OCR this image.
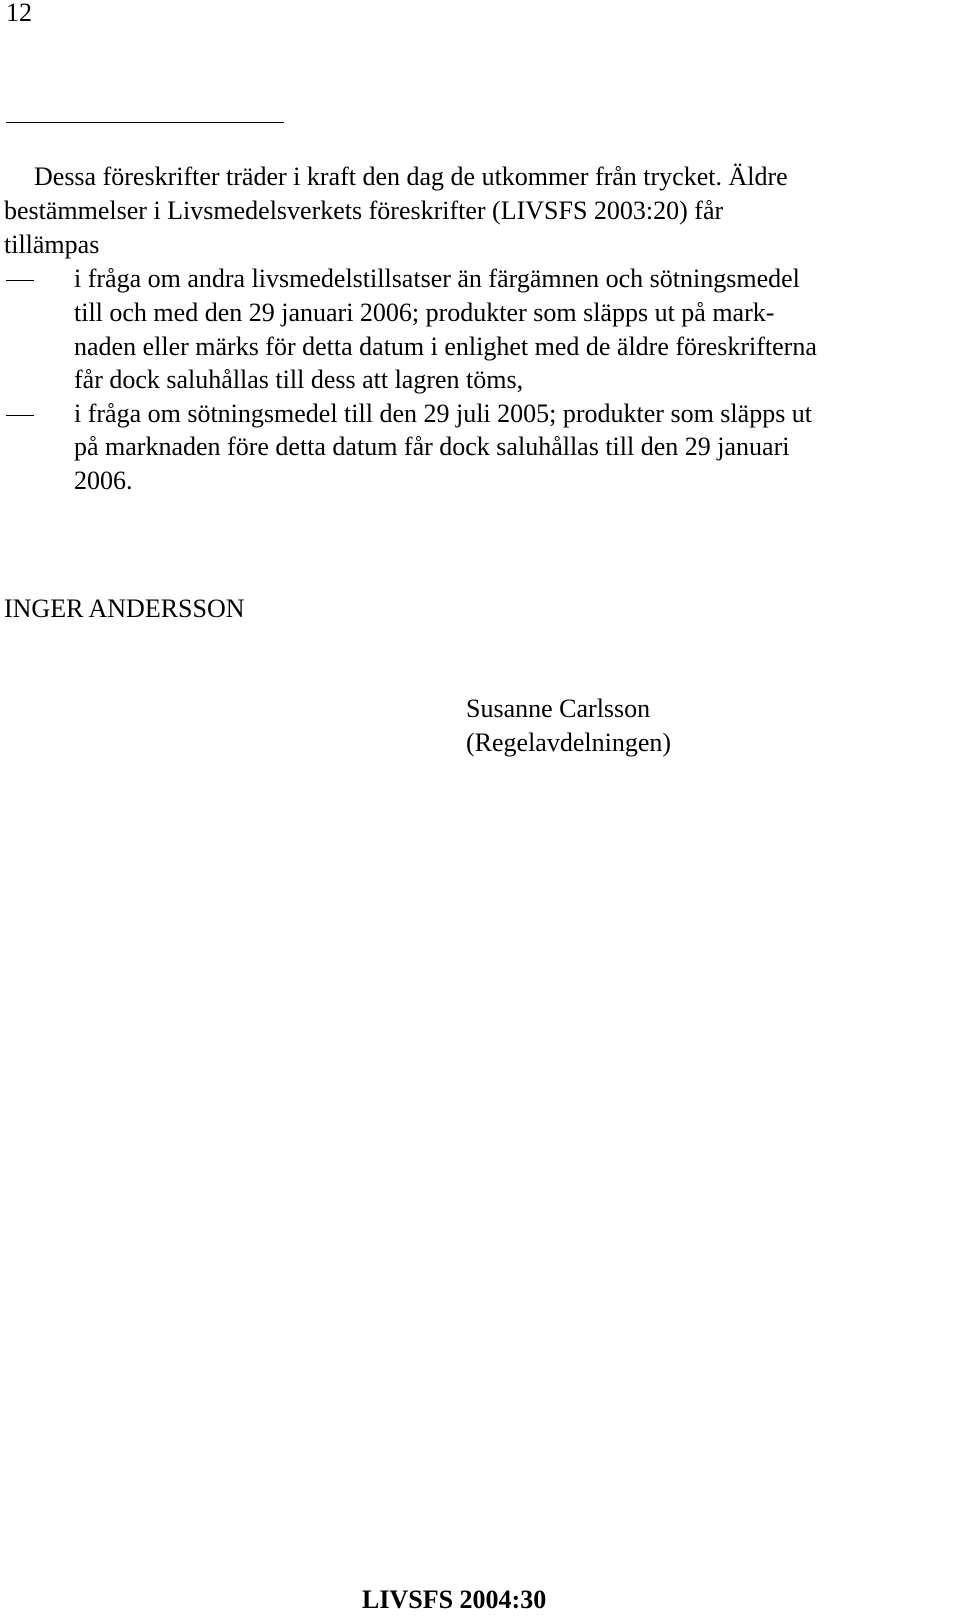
12
Dessa föreskrifter träder i kraft den dag de utkommer från trycket. Äldre
bestämmelser i Livsmedelsverkets föreskrifter (LIVSFS 2003:20) får
tillämpas
i fråga om andra livsmedelstillsatser än färgämnen och sötningsmedel
till och med den 29 januari 2006; produkter som släpps ut på mark-
naden eller märks för detta datum i enlighet med de äldre föreskrifterna
får dock saluhållas till dess att lagren töms,
i fråga om sötningsmedel till den 29 juli 2005; produkter som släpps ut
på marknaden före detta datum får dock saluhållas till den 29 januari
2006.
INGER ANDERSSON
Susanne Carlsson
(Regelavdelningen)
LIVSFS 2004:30
